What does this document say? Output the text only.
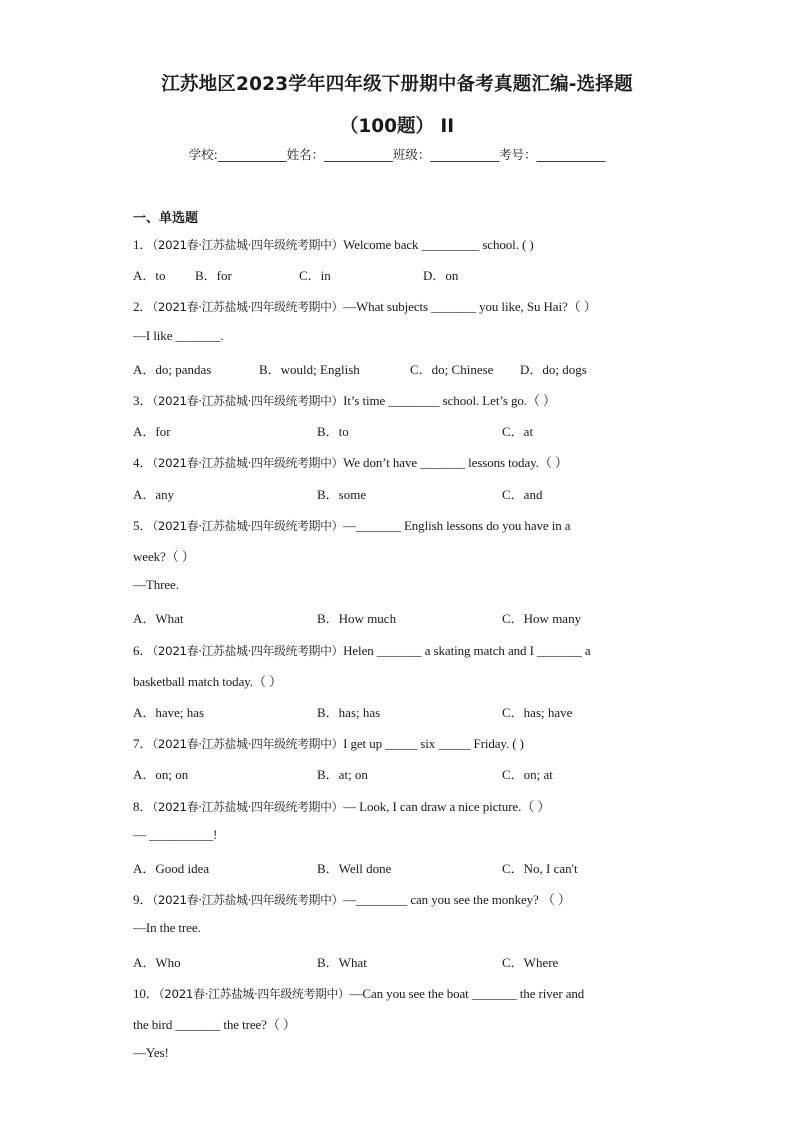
江苏地区2023学年四年级下册期中备考真题汇编-选择题
（100题） II
学校:___________姓名：___________班级：___________考号：___________
一、单选题
1．（2021春·江苏盐城·四年级统考期中）Welcome back _________ school. ( )
A．to B．for	C．in	D．on
2．（2021春·江苏盐城·四年级统考期中）—What subjects _______ you like, Su Hai?（ ）
—I like _______.
A．do; pandas	B．would; English	C．do; Chinese D．do; dogs
3．（2021春·江苏盐城·四年级统考期中）It’s time ________ school. Let’s go.（ ）
A．for	B．to	C．at
4．（2021春·江苏盐城·四年级统考期中）We don’t have _______ lessons today.（ ）
A．any	B．some	C．and
5．（2021春·江苏盐城·四年级统考期中）—_______ English lessons do you have in a
week?（ ）
—Three.
A．What	B．How much	C．How many
6．（2021春·江苏盐城·四年级统考期中）Helen _______ a skating match and I _______ a
basketball match today.（ ）
A．have; has	B．has; has	C．has; have
7．（2021春·江苏盐城·四年级统考期中）I get up _____ six _____ Friday. ( )
A．on; on	B．at; on	C．on; at
8．（2021春·江苏盐城·四年级统考期中）— Look, I can draw a nice picture.（ ）
— __________!
A．Good idea	B．Well done	C．No, I can't
9．（2021春·江苏盐城·四年级统考期中）—________ can you see the monkey? （ ）
—In the tree.
A．Who	B．What	C．Where
10．（2021春·江苏盐城·四年级统考期中）—Can you see the boat _______ the river and
the bird _______ the tree?（ ）
—Yes!
